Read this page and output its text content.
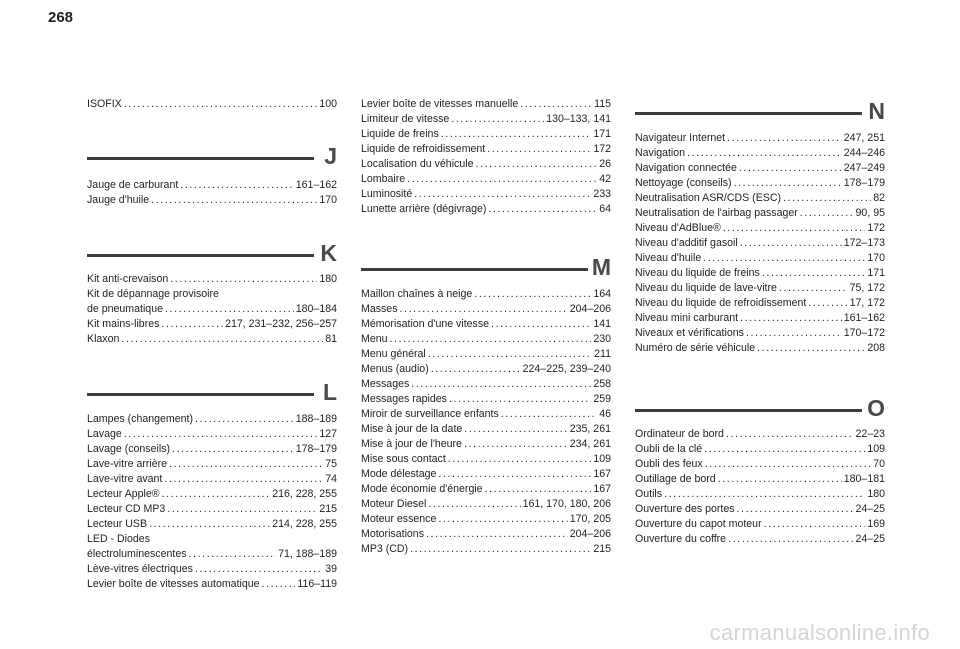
268
ISOFIX .....	100
J
Jauge de carburant .....	161–162
Jauge d'huile .....	170
K
Kit anti-crevaison .....	180
Kit de dépannage provisoire
de pneumatique .....	180–184
Kit mains-libres .....	217, 231–232, 256–257
Klaxon .....	81
L
Lampes (changement) .....	188–189
Lavage .....	127
Lavage (conseils) .....	178–179
Lave-vitre arrière .....	75
Lave-vitre avant .....	74
Lecteur Apple® .....	216, 228, 255
Lecteur CD MP3 .....	215
Lecteur USB .....	214, 228, 255
LED - Diodes
électroluminescentes .....	71, 188–189
Lève-vitres électriques .....	39
Levier boîte de vitesses automatique .....	116–119
Levier boîte de vitesses manuelle .....	115
Limiteur de vitesse .....	130–133, 141
Liquide de freins .....	171
Liquide de refroidissement .....	172
Localisation du véhicule .....	26
Lombaire .....	42
Luminosité .....	233
Lunette arrière (dégivrage) .....	64
M
Maillon chaînes à neige .....	164
Masses .....	204–206
Mémorisation d'une vitesse .....	141
Menu .....	230
Menu général .....	211
Menus (audio) .....	224–225, 239–240
Messages .....	258
Messages rapides .....	259
Miroir de surveillance enfants .....	46
Mise à jour de la date .....	235, 261
Mise à jour de l'heure .....	234, 261
Mise sous contact .....	109
Mode délestage .....	167
Mode économie d'énergie .....	167
Moteur Diesel .....	161, 170, 180, 206
Moteur essence .....	170, 205
Motorisations .....	204–206
MP3 (CD) .....	215
N
Navigateur Internet .....	247, 251
Navigation .....	244–246
Navigation connectée .....	247–249
Nettoyage (conseils) .....	178–179
Neutralisation ASR/CDS (ESC) .....	82
Neutralisation de l'airbag passager .....	90, 95
Niveau d'AdBlue® .....	172
Niveau d'additif gasoil .....	172–173
Niveau d'huile .....	170
Niveau du liquide de freins .....	171
Niveau du liquide de lave-vitre .....	75, 172
Niveau du liquide de refroidissement .....	17, 172
Niveau mini carburant .....	161–162
Niveaux et vérifications .....	170–172
Numéro de série véhicule .....	208
O
Ordinateur de bord .....	22–23
Oubli de la clé .....	109
Oubli des feux .....	70
Outillage de bord .....	180–181
Outils .....	180
Ouverture des portes .....	24–25
Ouverture du capot moteur .....	169
Ouverture du coffre .....	24–25
carmanualsonline.info
